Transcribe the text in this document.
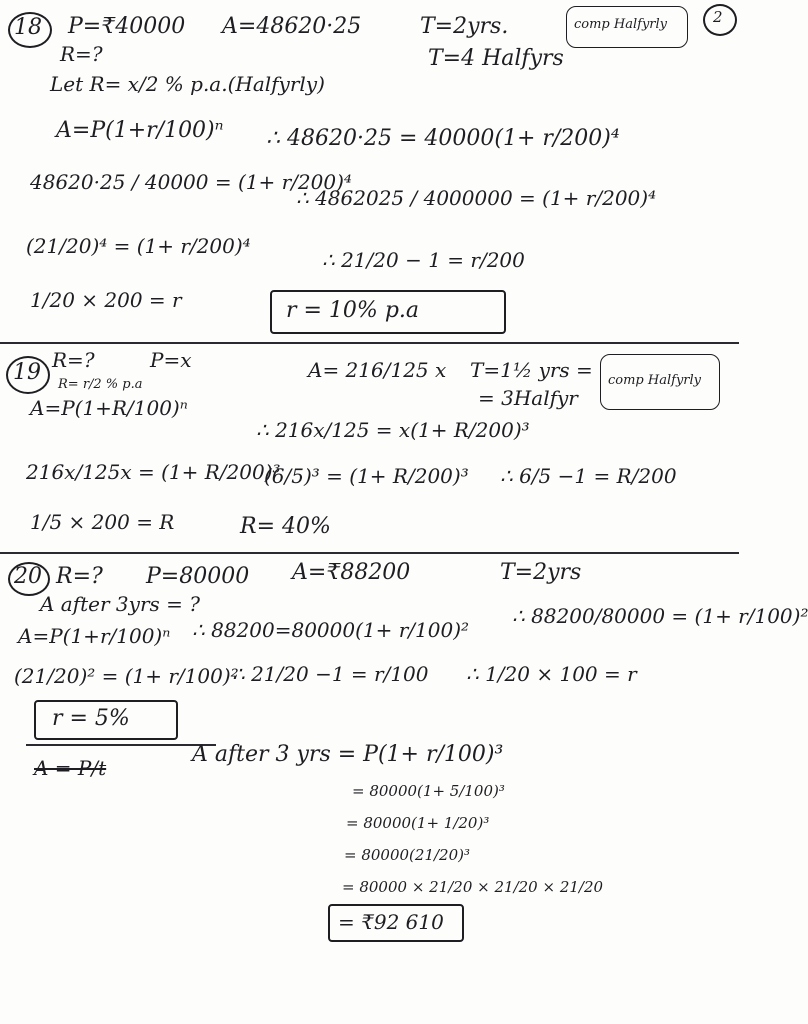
2
18 P=₹40000 A=48620·25	T=2yrs.	comp Halfyrly
R=?	T=4 Halfyrs
Let R= x/2 % p.a.(Halfyrly)
A=P(1+r/100)ⁿ ∴ 48620·25 = 40000(1+ r/200)⁴
48620·25 / 40000 = (1+ r/200)⁴
∴ 4862025 / 4000000 = (1+ r/200)⁴
(21/20)⁴ = (1+ r/200)⁴
∴ 21/20 − 1 = r/200
1/20 × 200 = r	r = 10% p.a
19 R=?	P=x
R= r/2 % p.a
A= 216/125 x T=1½ yrs =
= 3Halfyr
comp Halfyrly
A=P(1+R/100)ⁿ
∴ 216x/125 = x(1+ R/200)³
216x/125x = (1+ R/200)³
(6/5)³ = (1+ R/200)³ ∴ 6/5 −1 = R/200
1/5 × 200 = R	R= 40%
20 R=? P=80000 A=₹88200	T=2yrs
A after 3yrs = ?
A=P(1+r/100)ⁿ ∴ 88200=80000(1+ r/100)²
∴ 88200/80000 = (1+ r/100)²
(21/20)² = (1+ r/100)²
∴ 21/20 −1 = r/100 ∴ 1/20 × 100 = r
r = 5%
A = P/t
A after 3 yrs = P(1+ r/100)³
= 80000(1+ 5/100)³
= 80000(1+ 1/20)³
= 80000(21/20)³
= 80000 × 21/20 × 21/20 × 21/20
= ₹92 610
